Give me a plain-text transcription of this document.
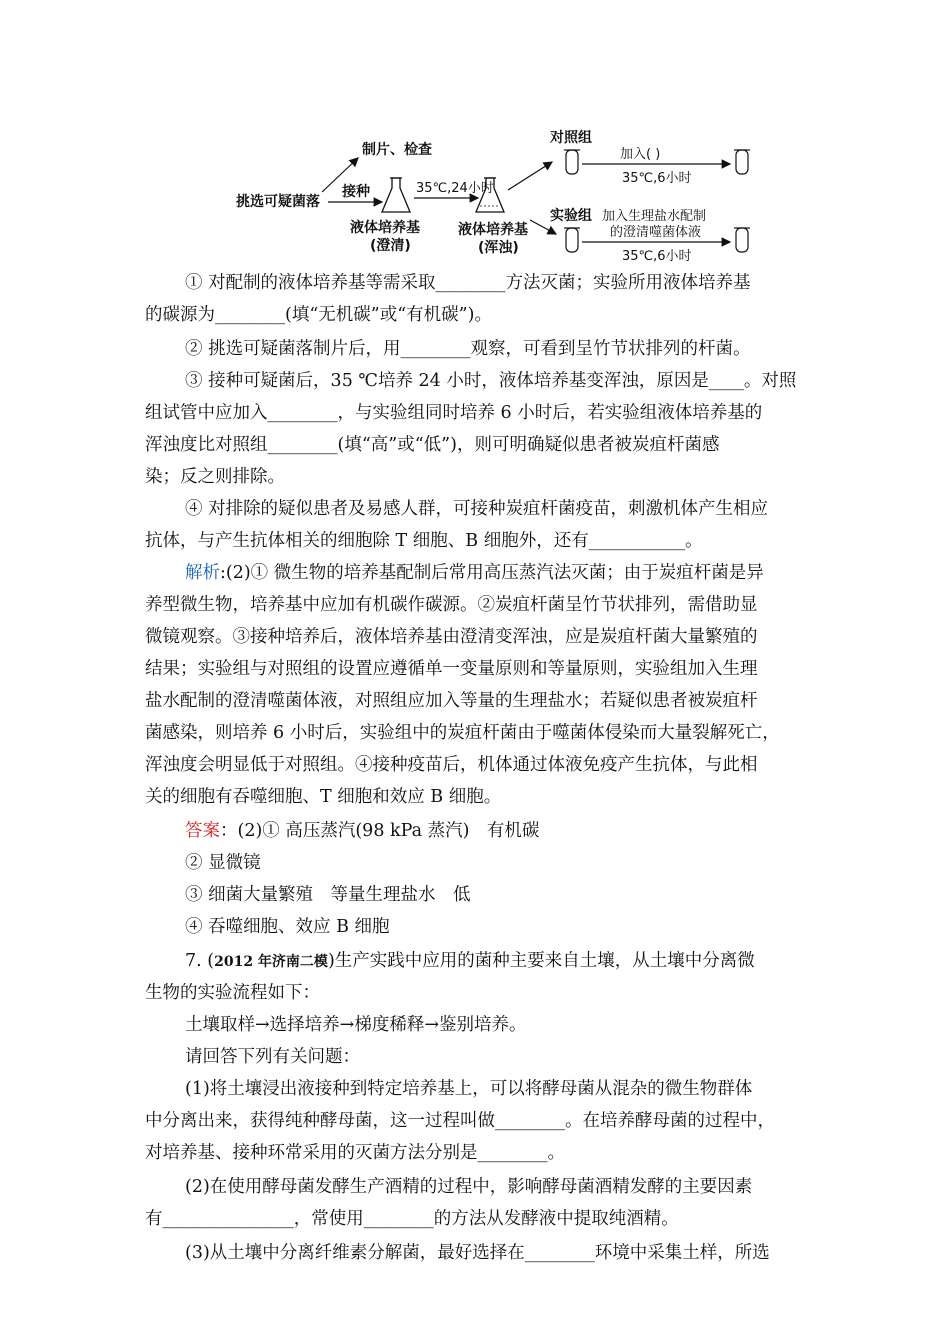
挑选可疑菌落
制片、检查
接种
液体培养基
(澄清)
35℃,24小时
液体培养基
(浑浊)
对照组
加入( )
35℃,6小时
实验组 加入生理盐水配制
的澄清噬菌体液
35℃,6小时
① 对配制的液体培养基等需采取________方法灭菌；实验所用液体培养基
的碳源为________(填“无机碳”或“有机碳”)。
② 挑选可疑菌落制片后，用________观察，可看到呈竹节状排列的杆菌。
③ 接种可疑菌后，35 ℃培养 24 小时，液体培养基变浑浊，原因是____。对照
组试管中应加入________，与实验组同时培养 6 小时后，若实验组液体培养基的
浑浊度比对照组________(填“高”或“低”)，则可明确疑似患者被炭疽杆菌感
染；反之则排除。
④ 对排除的疑似患者及易感人群，可接种炭疽杆菌疫苗，刺激机体产生相应
抗体，与产生抗体相关的细胞除 T 细胞、B 细胞外，还有___________。
解析:(2)① 微生物的培养基配制后常用高压蒸汽法灭菌；由于炭疽杆菌是异
养型微生物，培养基中应加有机碳作碳源。②炭疽杆菌呈竹节状排列，需借助显
微镜观察。③接种培养后，液体培养基由澄清变浑浊，应是炭疽杆菌大量繁殖的
结果；实验组与对照组的设置应遵循单一变量原则和等量原则，实验组加入生理
盐水配制的澄清噬菌体液，对照组应加入等量的生理盐水；若疑似患者被炭疽杆
菌感染，则培养 6 小时后，实验组中的炭疽杆菌由于噬菌体侵染而大量裂解死亡，
浑浊度会明显低于对照组。④接种疫苗后，机体通过体液免疫产生抗体，与此相
关的细胞有吞噬细胞、T 细胞和效应 B 细胞。
答案：(2)① 高压蒸汽(98 kPa 蒸汽)　有机碳
② 显微镜
③ 细菌大量繁殖　等量生理盐水　低
④ 吞噬细胞、效应 B 细胞
7. (2012 年济南二模)生产实践中应用的菌种主要来自土壤，从土壤中分离微
生物的实验流程如下：
土壤取样→选择培养→梯度稀释→鉴别培养。
请回答下列有关问题：
(1)将土壤浸出液接种到特定培养基上，可以将酵母菌从混杂的微生物群体
中分离出来，获得纯种酵母菌，这一过程叫做________。在培养酵母菌的过程中，
对培养基、接种环常采用的灭菌方法分别是________。
(2)在使用酵母菌发酵生产酒精的过程中，影响酵母菌酒精发酵的主要因素
有_______________，常使用________的方法从发酵液中提取纯酒精。
(3)从土壤中分离纤维素分解菌，最好选择在________环境中采集土样，所选
